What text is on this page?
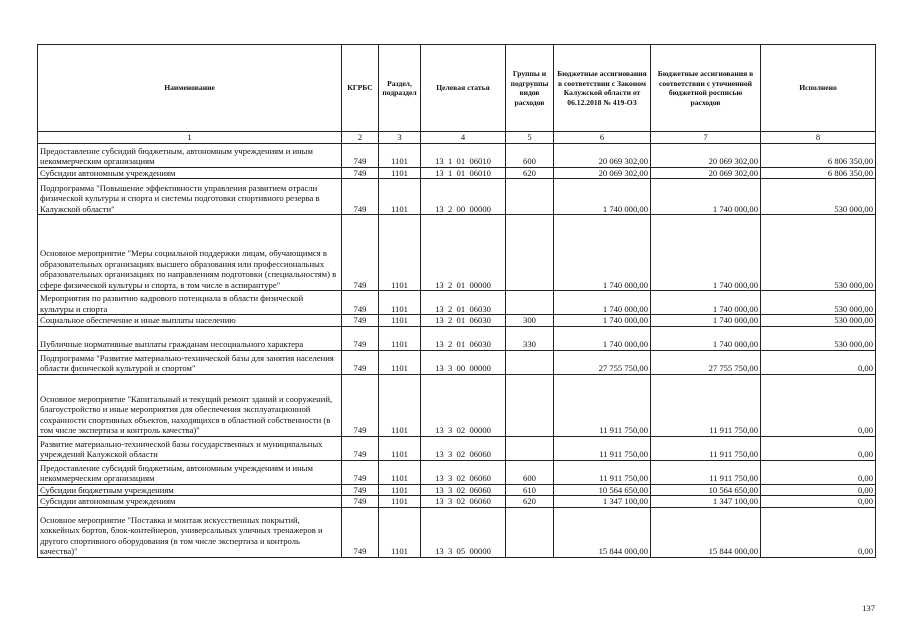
Наименование	КГРБС	Раздел, подраздел	Целевая статья	Группы и подгруппы видов расходов	Бюджетные ассигнования в соответствии с Законом Калужской области от 06.12.2018 № 419-ОЗ	Бюджетные ассигнования в соответствии с уточненной бюджетной росписью расходов	Исполнено
1	2	3	4	5	6	7	8
Предоставление субсидий бюджетным, автономным учреждениям и иным некоммерческим организациям	749	1101	13  1  01  06010	600	20 069 302,00	20 069 302,00	6 806 350,00
Субсидии автономным учреждениям	749	1101	13  1  01  06010	620	20 069 302,00	20 069 302,00	6 806 350,00
Подпрограмма "Повышение эффективности управления развитием отрасли физической культуры и спорта и системы подготовки спортивного резерва в Калужской области"	749	1101	13  2  00  00000		1 740 000,00	1 740 000,00	530 000,00
Основное мероприятие "Меры социальной поддержки лицам, обучающимся в образовательных организациях высшего образования или профессиональных образовательных организациях по направлениям подготовки (специальностям) в сфере физической культуры и спорта, в том числе в аспирантуре"	749	1101	13  2  01  00000		1 740 000,00	1 740 000,00	530 000,00
Мероприятия по развитию кадрового потенциала в области физической культуры и спорта	749	1101	13  2  01  06030		1 740 000,00	1 740 000,00	530 000,00
Социальное обеспечение и иные выплаты населению	749	1101	13  2  01  06030	300	1 740 000,00	1 740 000,00	530 000,00
Публичные нормативные выплаты гражданам несоциального характера	749	1101	13  2  01  06030	330	1 740 000,00	1 740 000,00	530 000,00
Подпрограмма "Развитие материально-технической базы для занятия населения области физической культурой и спортом"	749	1101	13  3  00  00000		27 755 750,00	27 755 750,00	0,00
Основное мероприятие "Капитальный и текущий ремонт зданий и сооружений, благоустройство и иные мероприятия для обеспечения эксплуатационной сохранности спортивных объектов, находящихся в областной собственности (в том числе экспертиза и контроль качества)"	749	1101	13  3  02  00000		11 911 750,00	11 911 750,00	0,00
Развитие материально-технической базы государственных и муниципальных учреждений Калужской области	749	1101	13  3  02  06060		11 911 750,00	11 911 750,00	0,00
Предоставление субсидий бюджетным, автономным учреждениям и иным некоммерческим организациям	749	1101	13  3  02  06060	600	11 911 750,00	11 911 750,00	0,00
Субсидии бюджетным учреждениям	749	1101	13  3  02  06060	610	10 564 650,00	10 564 650,00	0,00
Субсидии автономным учреждениям	749	1101	13  3  02  06060	620	1 347 100,00	1 347 100,00	0,00
Основное мероприятие "Поставка и монтаж искусственных покрытий, хоккейных бортов, блок-контейнеров, универсальных уличных тренажеров и другого спортивного оборудования (в том числе экспертиза и контроль качества)"	749	1101	13  3  05  00000		15 844 000,00	15 844 000,00	0,00
137
